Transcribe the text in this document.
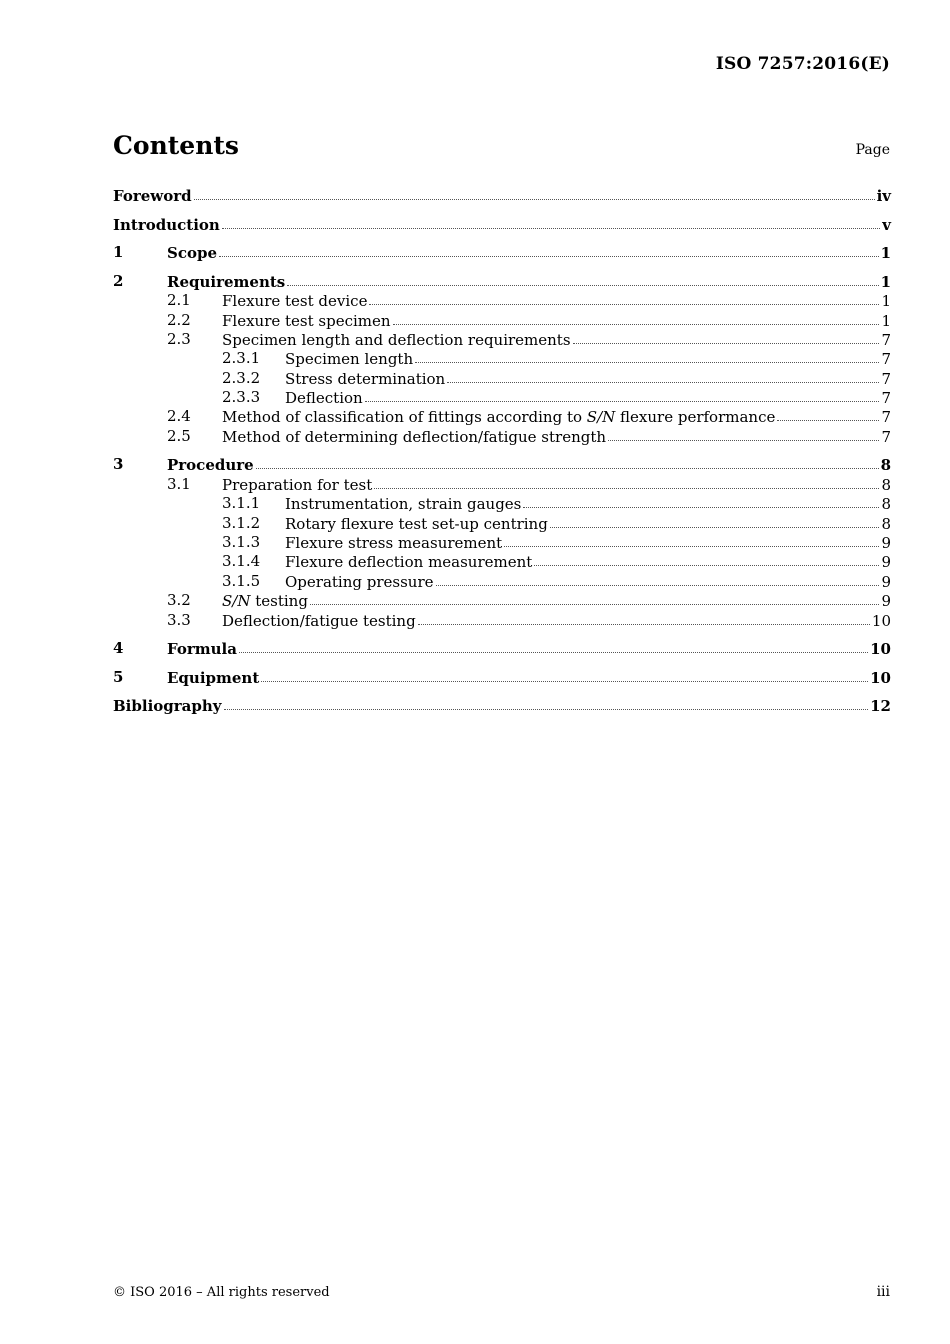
ISO 7257:2016(E)
Contents	Page
Foreword	iv
Introduction	v
1	Scope	1
2	Requirements	1
2.1 Flexure test device	1
2.2 Flexure test specimen	1
2.3 Specimen length and deflection requirements	7
2.3.1 Specimen length	7
2.3.2 Stress determination	7
2.3.3 Deflection	7
2.4 Method of classification of fittings according to S/N flexure performance	7
2.5 Method of determining deflection/fatigue strength	7
3	Procedure	8
3.1 Preparation for test	8
3.1.1 Instrumentation, strain gauges	8
3.1.2 Rotary flexure test set-up centring	8
3.1.3 Flexure stress measurement	9
3.1.4 Flexure deflection measurement	9
3.1.5 Operating pressure	9
3.2 S/N testing	9
3.3 Deflection/fatigue testing	10
4	Formula	10
5	Equipment	10
Bibliography	12
© ISO 2016 – All rights reserved	iii
